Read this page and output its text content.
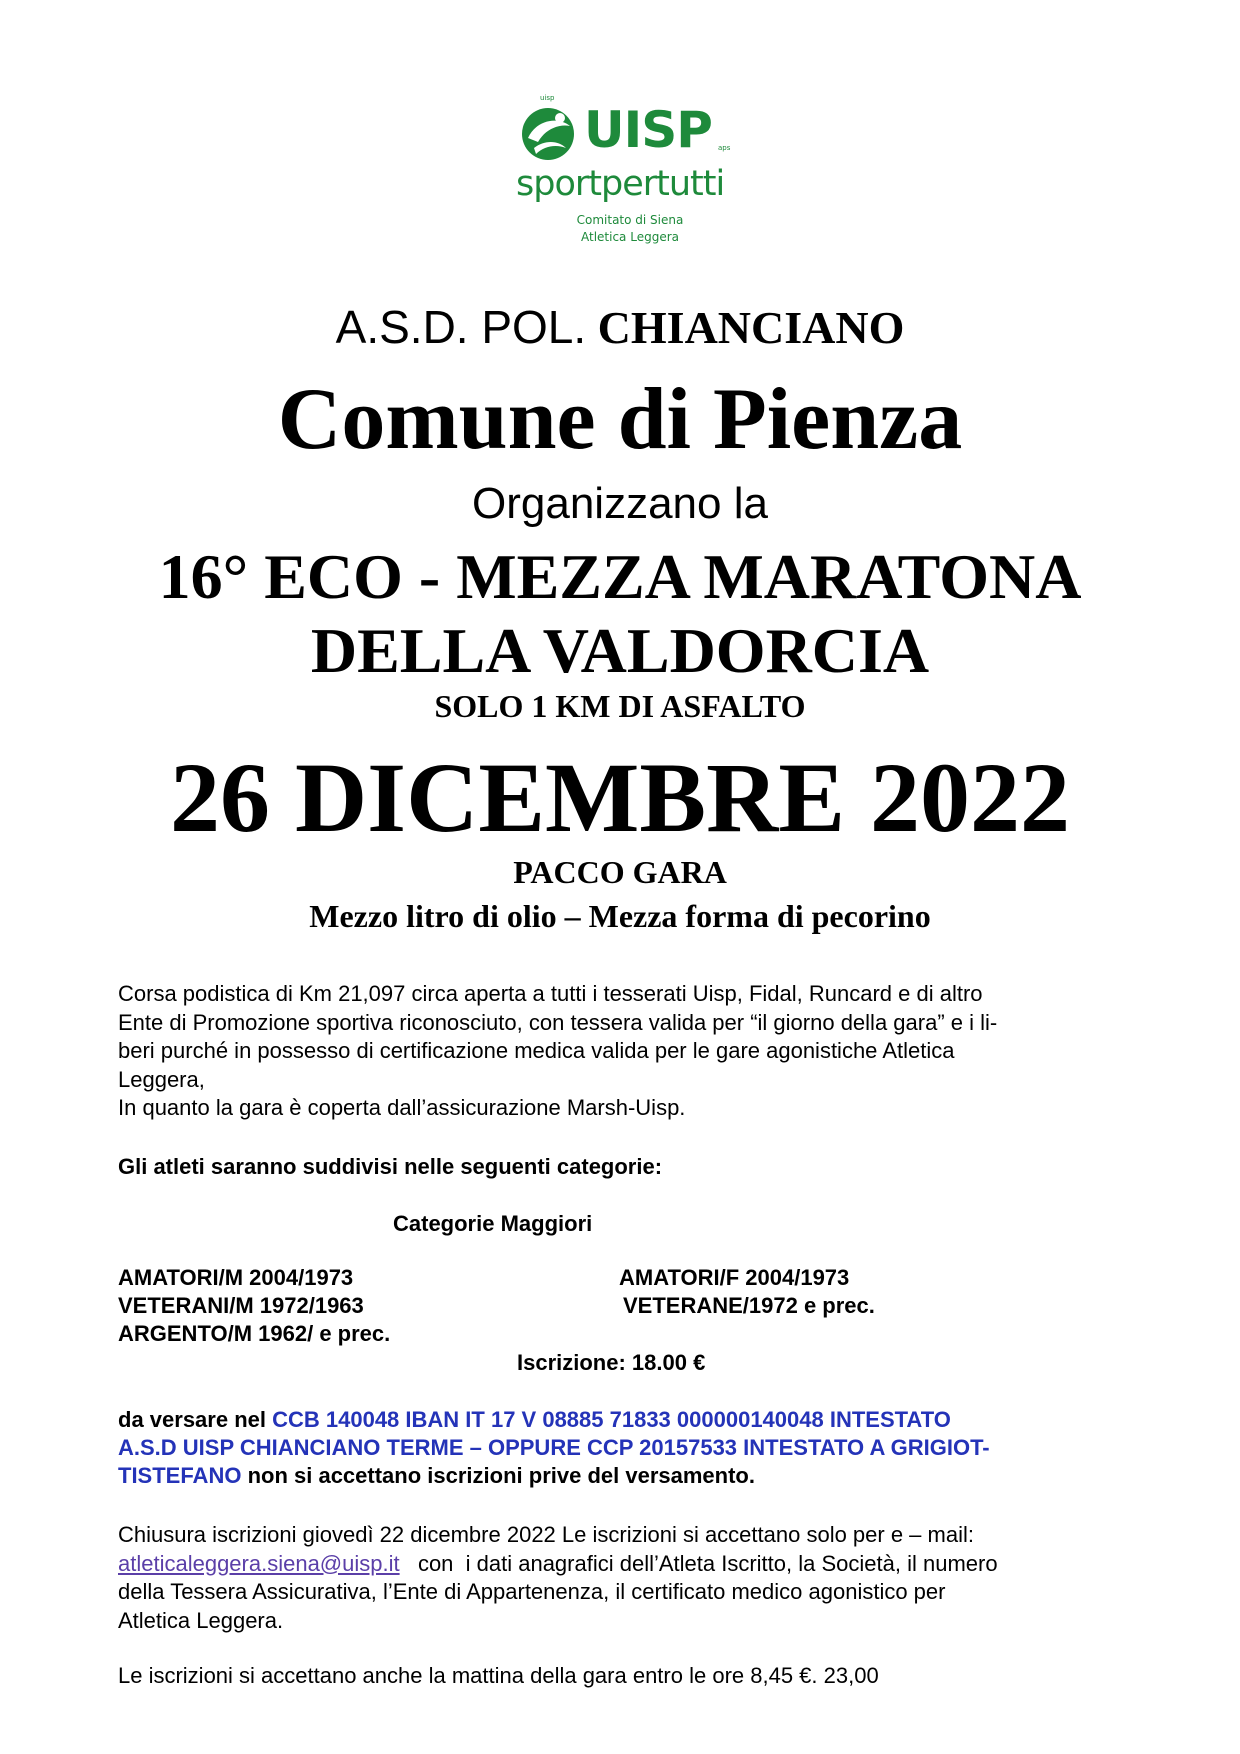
uisp
UISP aps
sportpertutti
Comitato di Siena
Atletica Leggera
A.S.D. POL. CHIANCIANO
Comune di Pienza
Organizzano la
16° ECO - MEZZA MARATONA
DELLA VALDORCIA
SOLO 1 KM DI ASFALTO
26 DICEMBRE 2022
PACCO GARA
Mezzo litro di olio – Mezza forma di pecorino
Corsa podistica di Km 21,097 circa aperta a tutti i tesserati Uisp, Fidal, Runcard e di altro
Ente di Promozione sportiva riconosciuto, con tessera valida per “il giorno della gara” e i li-
beri purché in possesso di certificazione medica valida per le gare agonistiche Atletica
Leggera,
In quanto la gara è coperta dall’assicurazione Marsh-Uisp.
Gli atleti saranno suddivisi nelle seguenti categorie:
Categorie Maggiori
AMATORI/M 2004/1973
VETERANI/M 1972/1963
ARGENTO/M 1962/ e prec.
AMATORI/F 2004/1973
VETERANE/1972 e prec.
Iscrizione: 18.00 €
da versare nel CCB 140048 IBAN IT 17 V 08885 71833 000000140048 INTESTATO
A.S.D UISP CHIANCIANO TERME – OPPURE CCP 20157533 INTESTATO A GRIGIOT-
TISTEFANO non si accettano iscrizioni prive del versamento.
Chiusura iscrizioni giovedì 22 dicembre 2022 Le iscrizioni si accettano solo per e – mail:
atleticaleggera.siena@uisp.it   con  i dati anagrafici dell’Atleta Iscritto, la Società, il numero
della Tessera Assicurativa, l’Ente di Appartenenza, il certificato medico agonistico per
Atletica Leggera.
Le iscrizioni si accettano anche la mattina della gara entro le ore 8,45 €. 23,00
